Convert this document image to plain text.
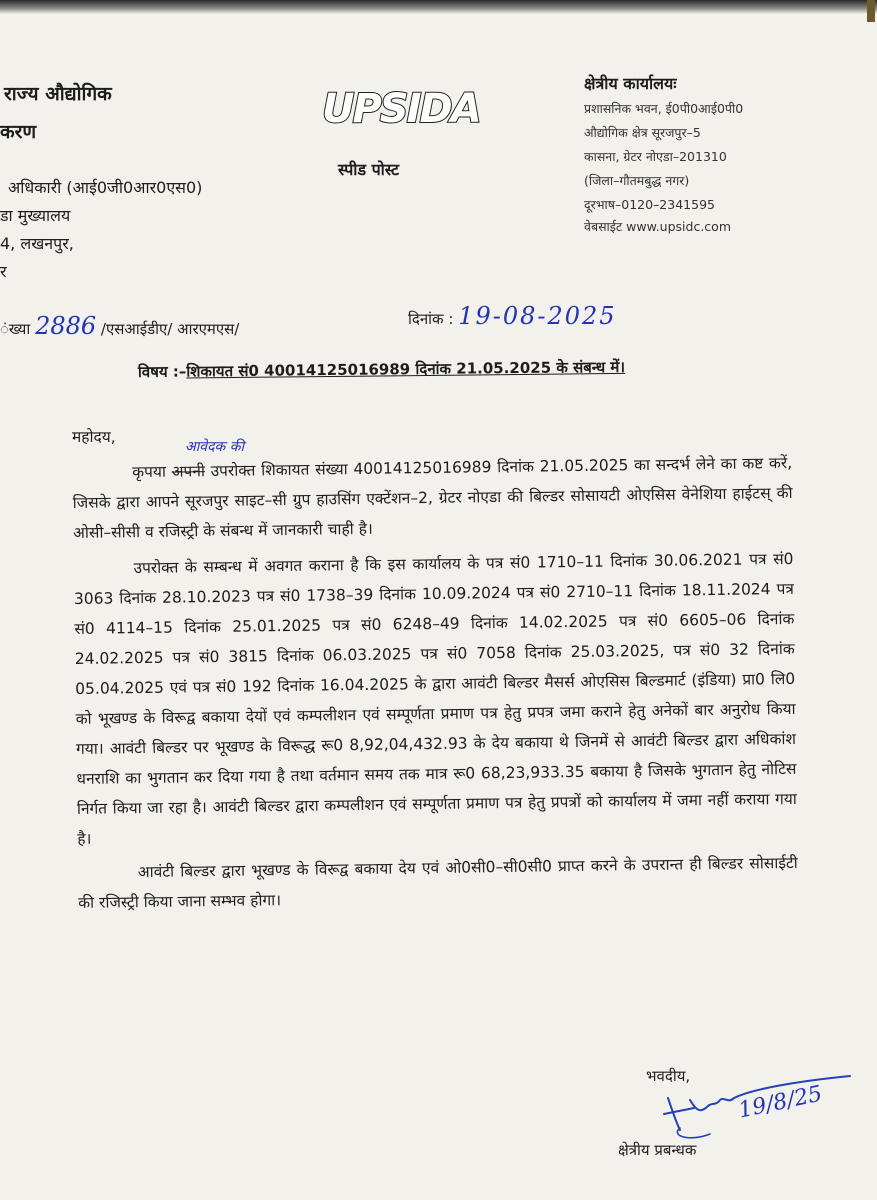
राज्य औद्योगिक
करण
अधिकारी (आई0जी0आर0एस0)
डा मुख्यालय
4, लखनपुर,
र
UPSIDA
स्पीड पोस्ट
क्षेत्रीय कार्यालयः
प्रशासनिक भवन, ई0पी0आई0पी0
औद्योगिक क्षेत्र सूरजपुर–5
कासना, ग्रेटर नोएडा–201310
(जिला–गौतमबुद्ध नगर)
दूरभाष–0120–2341595
वेबसाईट www.upsidc.com
ंख्या 2886 /एसआईडीए/ आरएमएस/
दिनांक : 19-08-2025
विषय :–शिकायत सं0 40014125016989 दिनांक 21.05.2025 के संबन्ध में।
महोदय,
आवेदक की

कृपया अपनी उपरोक्त शिकायत संख्या 40014125016989 दिनांक 21.05.2025 का सन्दर्भ लेने का कष्ट करें, जिसके द्वारा आपने सूरजपुर साइट–सी ग्रुप हाउसिंग एक्टेंशन–2, ग्रेटर नोएडा की बिल्डर सोसायटी ओएसिस वेनेशिया हाईटस् की ओसी–सीसी व रजिस्ट्री के संबन्ध में जानकारी चाही है।

उपरोक्त के सम्बन्ध में अवगत कराना है कि इस कार्यालय के पत्र सं0 1710–11 दिनांक 30.06.2021 पत्र सं0 3063 दिनांक 28.10.2023 पत्र सं0 1738–39 दिनांक 10.09.2024 पत्र सं0 2710–11 दिनांक 18.11.2024 पत्र सं0 4114–15 दिनांक 25.01.2025 पत्र सं0 6248–49 दिनांक 14.02.2025 पत्र सं0 6605–06 दिनांक 24.02.2025 पत्र सं0 3815 दिनांक 06.03.2025 पत्र सं0 7058 दिनांक 25.03.2025, पत्र सं0 32 दिनांक 05.04.2025 एवं पत्र सं0 192 दिनांक 16.04.2025 के द्वारा आवंटी बिल्डर मैसर्स ओएसिस बिल्डमार्ट (इंडिया) प्रा0 लि0 को भूखण्ड के विरूद्व बकाया देयों एवं कम्पलीशन एवं सम्पूर्णता प्रमाण पत्र हेतु प्रपत्र जमा कराने हेतु अनेकों बार अनुरोध किया गया। आवंटी बिल्डर पर भूखण्ड के विरूद्ध रू0 8,92,04,432.93 के देय बकाया थे जिनमें से आवंटी बिल्डर द्वारा अधिकांश धनराशि का भुगतान कर दिया गया है तथा वर्तमान समय तक मात्र रू0 68,23,933.35 बकाया है जिसके भुगतान हेतु नोटिस निर्गत किया जा रहा है। आवंटी बिल्डर द्वारा कम्पलीशन एवं सम्पूर्णता प्रमाण पत्र हेतु प्रपत्रों को कार्यालय में जमा नहीं कराया गया है।

आवंटी बिल्डर द्वारा भूखण्ड के विरूद्व बकाया देय एवं ओ0सी0–सी0सी0 प्राप्त करने के उपरान्त ही बिल्डर सोसाईटी की रजिस्ट्री किया जाना सम्भव होगा।

भवदीय,
19/8/25
क्षेत्रीय प्रबन्धक
